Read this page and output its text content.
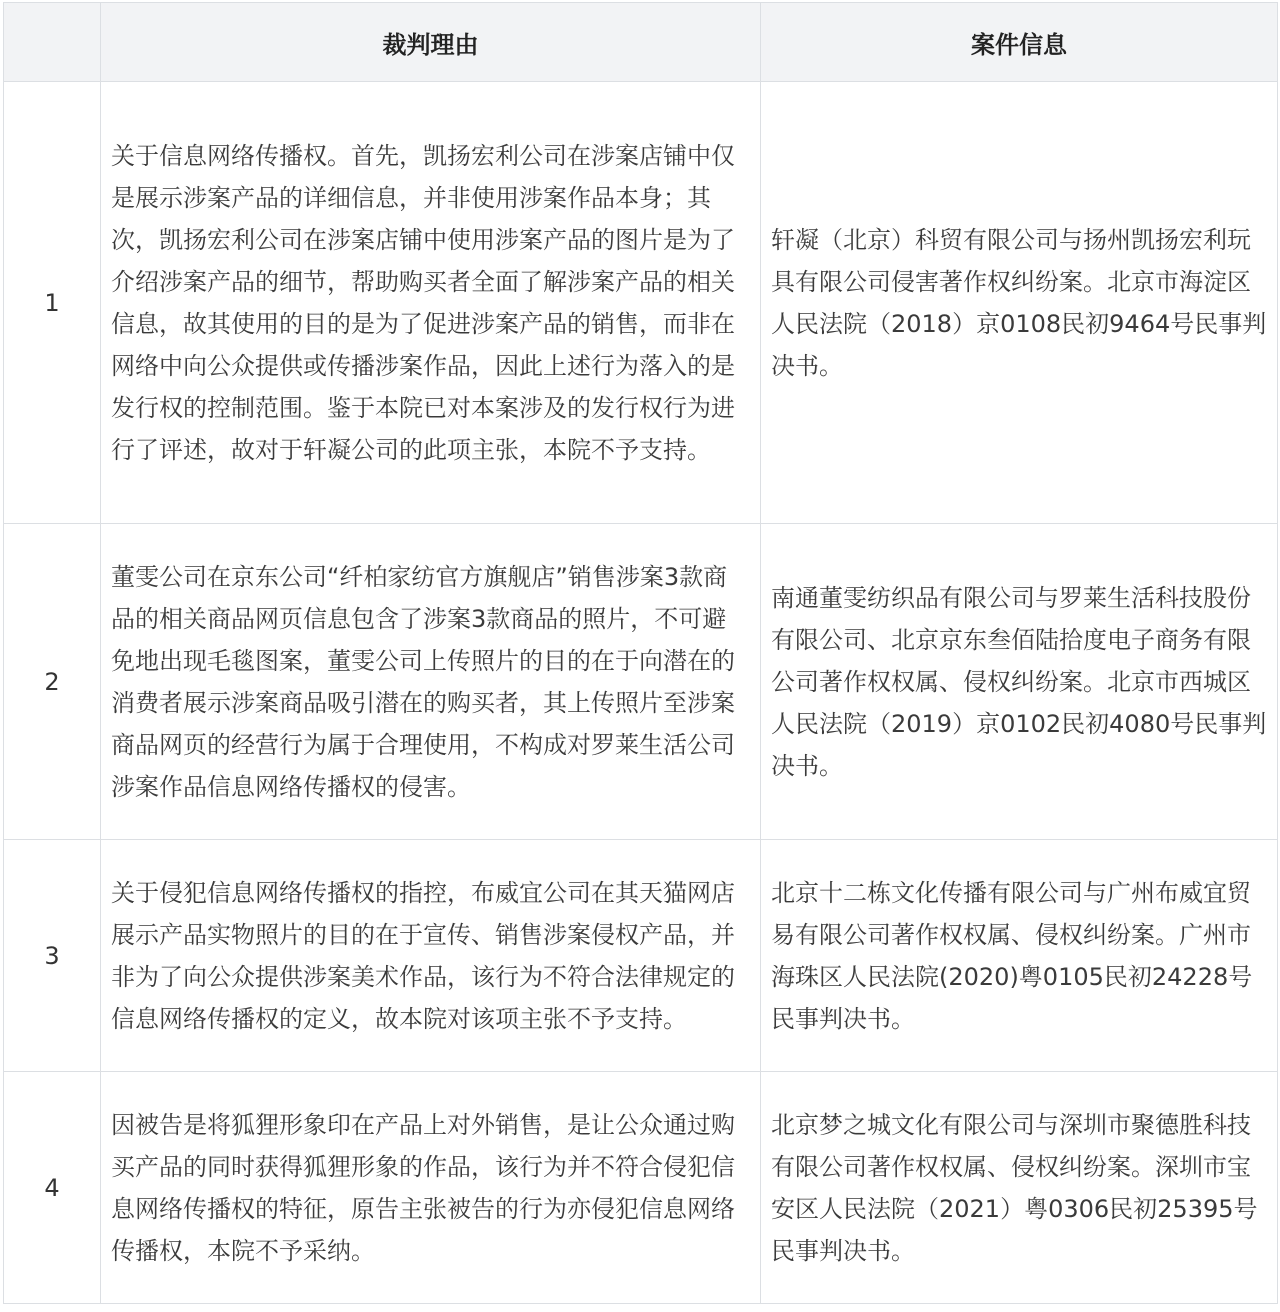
	裁判理由	案件信息
1	关于信息网络传播权。首先，凯扬宏利公司在涉案店铺中仅是展示涉案产品的详细信息，并非使用涉案作品本身；其次，凯扬宏利公司在涉案店铺中使用涉案产品的图片是为了介绍涉案产品的细节，帮助购买者全面了解涉案产品的相关信息，故其使用的目的是为了促进涉案产品的销售，而非在网络中向公众提供或传播涉案作品，因此上述行为落入的是发行权的控制范围。鉴于本院已对本案涉及的发行权行为进行了评述，故对于轩凝公司的此项主张，本院不予支持。	轩凝（北京）科贸有限公司与扬州凯扬宏利玩具有限公司侵害著作权纠纷案。北京市海淀区人民法院（2018）京0108民初9464号民事判决书。
2	董雯公司在京东公司“纤柏家纺官方旗舰店”销售涉案3款商品的相关商品网页信息包含了涉案3款商品的照片，不可避免地出现毛毯图案，董雯公司上传照片的目的在于向潜在的消费者展示涉案商品吸引潜在的购买者，其上传照片至涉案商品网页的经营行为属于合理使用，不构成对罗莱生活公司涉案作品信息网络传播权的侵害。	南通董雯纺织品有限公司与罗莱生活科技股份有限公司、北京京东叁佰陆拾度电子商务有限公司著作权权属、侵权纠纷案。北京市西城区人民法院（2019）京0102民初4080号民事判决书。
3	关于侵犯信息网络传播权的指控，布威宜公司在其天猫网店展示产品实物照片的目的在于宣传、销售涉案侵权产品，并非为了向公众提供涉案美术作品，该行为不符合法律规定的信息网络传播权的定义，故本院对该项主张不予支持。	北京十二栋文化传播有限公司与广州布威宜贸易有限公司著作权权属、侵权纠纷案。广州市海珠区人民法院(2020)粤0105民初24228号民事判决书。
4	因被告是将狐狸形象印在产品上对外销售，是让公众通过购买产品的同时获得狐狸形象的作品，该行为并不符合侵犯信息网络传播权的特征，原告主张被告的行为亦侵犯信息网络传播权，本院不予采纳。	北京梦之城文化有限公司与深圳市聚德胜科技有限公司著作权权属、侵权纠纷案。深圳市宝安区人民法院（2021）粤0306民初25395号民事判决书。
